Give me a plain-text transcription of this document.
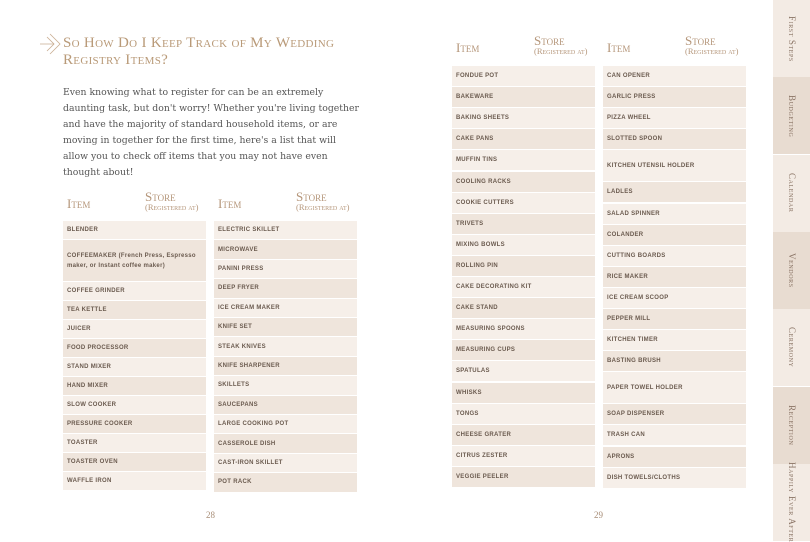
So How Do I Keep Track of My Wedding Registry Items?
Even knowing what to register for can be an extremely daunting task, but don't worry! Whether you're living together and have the majority of standard household items, or are moving in together for the first time, here's a list that will allow you to check off items that you may not have even thought about!
Item	Store
(Registered at)
BLENDER
COFFEEMAKER (French Press, Espresso maker, or Instant coffee maker)
COFFEE GRINDER
TEA KETTLE
JUICER
FOOD PROCESSOR
STAND MIXER
HAND MIXER
SLOW COOKER
PRESSURE COOKER
TOASTER
TOASTER OVEN
WAFFLE IRON
Item	Store
(Registered at)
ELECTRIC SKILLET
MICROWAVE
PANINI PRESS
DEEP FRYER
ICE CREAM MAKER
KNIFE SET
STEAK KNIVES
KNIFE SHARPENER
SKILLETS
SAUCEPANS
LARGE COOKING POT
CASSEROLE DISH
CAST-IRON SKILLET
POT RACK
Item	Store
(Registered at)
FONDUE POT
BAKEWARE
BAKING SHEETS
CAKE PANS
MUFFIN TINS
COOLING RACKS
COOKIE CUTTERS
TRIVETS
MIXING BOWLS
ROLLING PIN
CAKE DECORATING KIT
CAKE STAND
MEASURING SPOONS
MEASURING CUPS
SPATULAS
WHISKS
TONGS
CHEESE GRATER
CITRUS ZESTER
VEGGIE PEELER
Item	Store
(Registered at)
CAN OPENER
GARLIC PRESS
PIZZA WHEEL
SLOTTED SPOON
KITCHEN UTENSIL HOLDER
LADLES
SALAD SPINNER
COLANDER
CUTTING BOARDS
RICE MAKER
ICE CREAM SCOOP
PEPPER MILL
KITCHEN TIMER
BASTING BRUSH
PAPER TOWEL HOLDER
SOAP DISPENSER
TRASH CAN
APRONS
DISH TOWELS/CLOTHS
28	29
First Steps
Budgeting
Calendar
Vendors
Ceremony
Reception
Happily Ever After
